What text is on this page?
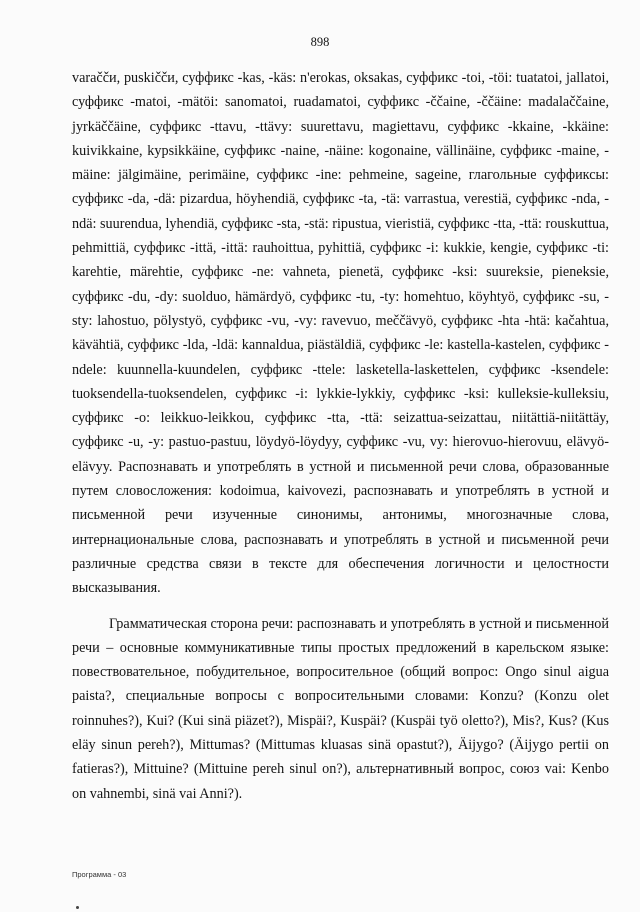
898

varaččи, puskiččи, суффикс -kas, -käs: n'erokas, oksakas, суффикс -toi, -töi: tuatatoi, jallatoi, суффикс -matoi, -mätöi: sanomatoi, ruadamatoi, суффикс -ččaine, -ččäine: madalaččaine, jyrkäččäine, суффикс -ttavu, -ttävy: suurettavu, magiettavu, суффикс -kkaine, -kkäine: kuivikkaine, kypsikkäine, суффикс -naine, -näine: kogonaine, vällinäine, суффикс -maine, -mäine: jälgimäine, perimäine, суффикс -ine: pehmeine, sageine, глагольные суффиксы: суффикс -da, -dä: pizardua, höyhendiä, суффикс -ta, -tä: varrastua, verestiä, суффикс -nda, -ndä: suurendua, lyhendiä, суффикс -sta, -stä: ripustua, vieristiä, суффикс -tta, -ttä: rouskuttua, pehmittiä, суффикс -ittä, -ittä: rauhoittua, pyhittiä, суффикс -i: kukkie, kengie, суффикс -ti: karehtie, märehtie, суффикс -ne: vahneta, pienetä, суффикс -ksi: suureksie, pieneksie, суффикс -du, -dy: suolduo, hämärdyö, суффикс -tu, -ty: homehtuo, köyhtyö, суффикс -su, -sty: lahostuo, pölystyö, суффикс -vu, -vy: ravevuo, meččävyö, суффикс -hta -htä: kačahtua, kävähtiä, суффикс -lda, -ldä: kannaldua, piästäldiä, суффикс -le: kastella-kastelen, суффикс -ndele: kuunnella-kuundelen, суффикс -ttele: lasketella-laskettelen, суффикс -ksendele: tuoksendella-tuoksendelen, суффикс -i: lykkie-lykkiy, суффикс -ksi: kulleksie-kulleksiu, суффикс -o: leikkuo-leikkou, суффикс -tta, -ttä: seizattua-seizattau, niitättiä-niitättäy, суффикс -u, -y: pastuo-pastuu, löydyö-löydyy, суффикс -vu, vy: hierovuo-hierovuu, elävyö-elävyy. Распознавать и употреблять в устной и письменной речи слова, образованные путем словосложения: kodoimua, kaivovezi, распознавать и употреблять в устной и письменной речи изученные синонимы, антонимы, многозначные слова, интернациональные слова, распознавать и употреблять в устной и письменной речи различные средства связи в тексте для обеспечения логичности и целостности высказывания.

Грамматическая сторона речи: распознавать и употреблять в устной и письменной речи – основные коммуникативные типы простых предложений в карельском языке: повествовательное, побудительное, вопросительное (общий вопрос: Ongo sinul aigua paista?, специальные вопросы с вопросительными словами: Konzu? (Konzu olet roinnuhes?), Kui? (Kui sinä piäzet?), Mispäi?, Kuspäi? (Kuspäi työ oletto?), Mis?, Kus? (Kus eläy sinun pereh?), Mittumas? (Mittumas kluasas sinä opastut?), Äijygo? (Äijygo pertii on fatieras?), Mittuine? (Mittuine pereh sinul on?), альтернативный вопрос, союз vai: Kenbo on vahnembi, sinä vai Anni?).

Программа - 03
